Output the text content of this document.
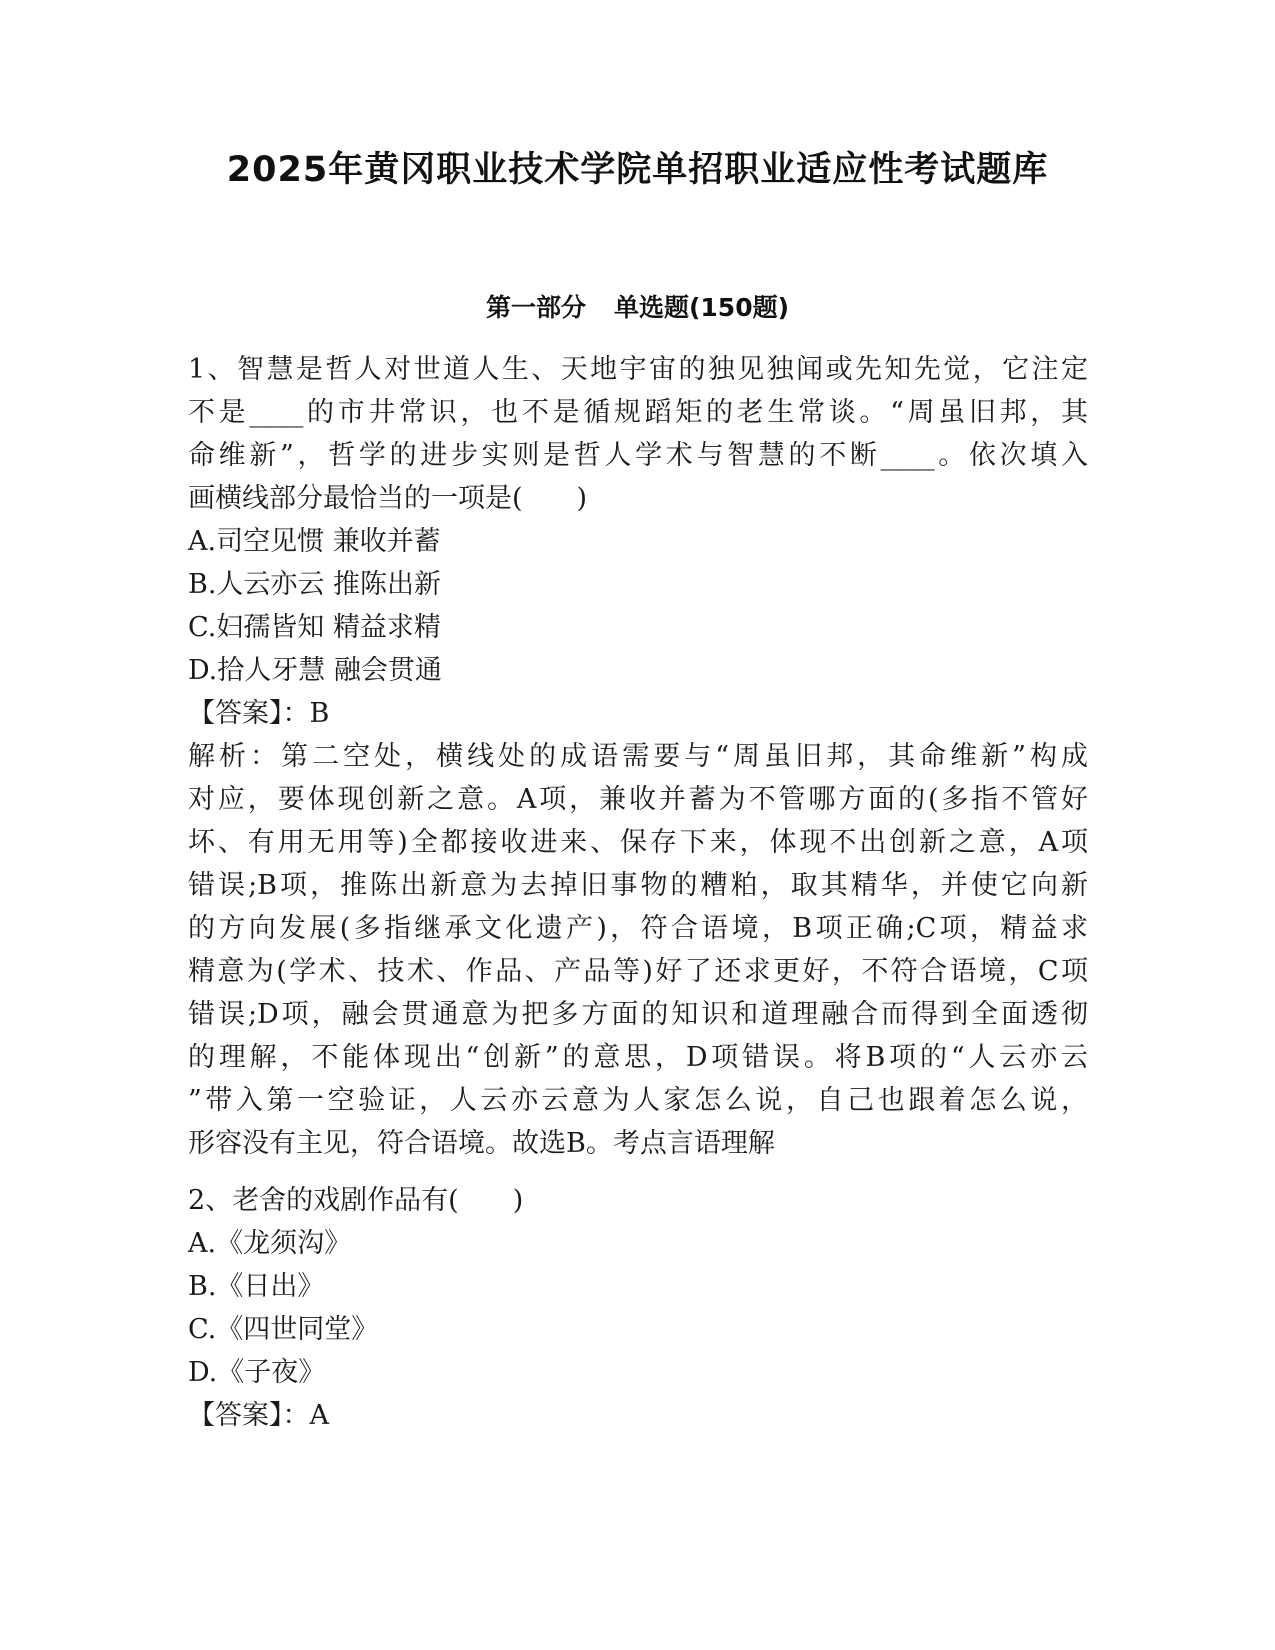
2025年黄冈职业技术学院单招职业适应性考试题库
第一部分 单选题(150题)
1、智慧是哲人对世道人生、天地宇宙的独见独闻或先知先觉，它注定
不是____的市井常识，也不是循规蹈矩的老生常谈。“周虽旧邦，其
命维新”，哲学的进步实则是哲人学术与智慧的不断____。依次填入
画横线部分最恰当的一项是(　　)
A.司空见惯 兼收并蓄
B.人云亦云 推陈出新
C.妇孺皆知 精益求精
D.拾人牙慧 融会贯通
【答案】：B
解析：第二空处，横线处的成语需要与“周虽旧邦，其命维新”构成
对应，要体现创新之意。A项，兼收并蓄为不管哪方面的(多指不管好
坏、有用无用等)全都接收进来、保存下来，体现不出创新之意，A项
错误;B项，推陈出新意为去掉旧事物的糟粕，取其精华，并使它向新
的方向发展(多指继承文化遗产)，符合语境，B项正确;C项，精益求
精意为(学术、技术、作品、产品等)好了还求更好，不符合语境，C项
错误;D项，融会贯通意为把多方面的知识和道理融合而得到全面透彻
的理解，不能体现出“创新”的意思，D项错误。将B项的“人云亦云
”带入第一空验证，人云亦云意为人家怎么说，自己也跟着怎么说，
形容没有主见，符合语境。故选B。考点言语理解
2、老舍的戏剧作品有(　　)
A.《龙须沟》
B.《日出》
C.《四世同堂》
D.《子夜》
【答案】：A
